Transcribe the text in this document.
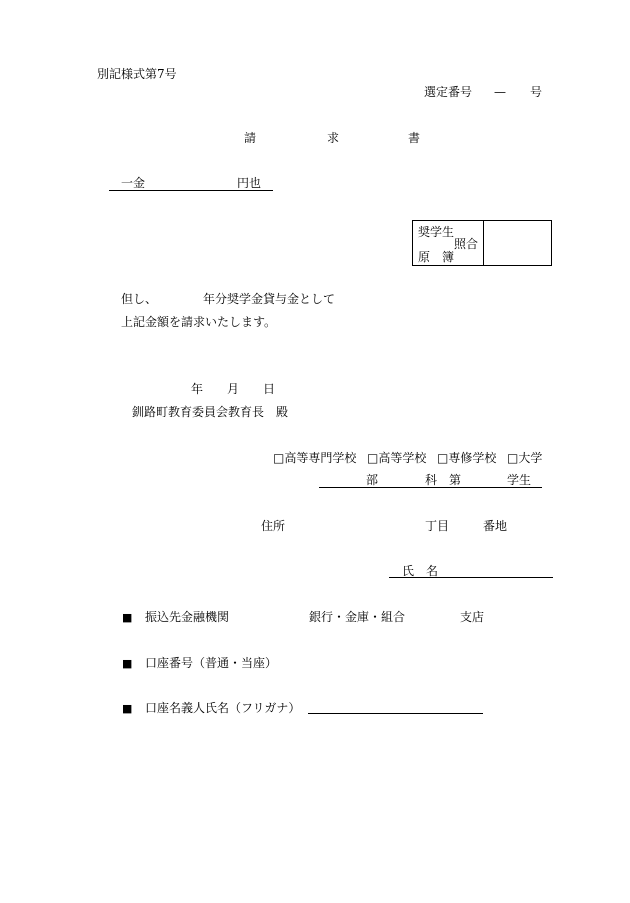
別記様式第7号
選定番号 — 号
請	求	書
一金	円也
奨学生
照合
原　簿
但し、	年分奨学金貸与金として
上記金額を請求いたします。
年 月 日
釧路町教育委員会教育長　殿
□高等専門学校 □高等学校 □専修学校 □大学
部	科 第	学生
住所	丁目	番地
氏　名
■ 振込先金融機関	銀行・金庫・組合	支店
■ 口座番号（普通・当座）
■ 口座名義人氏名（フリガナ）
